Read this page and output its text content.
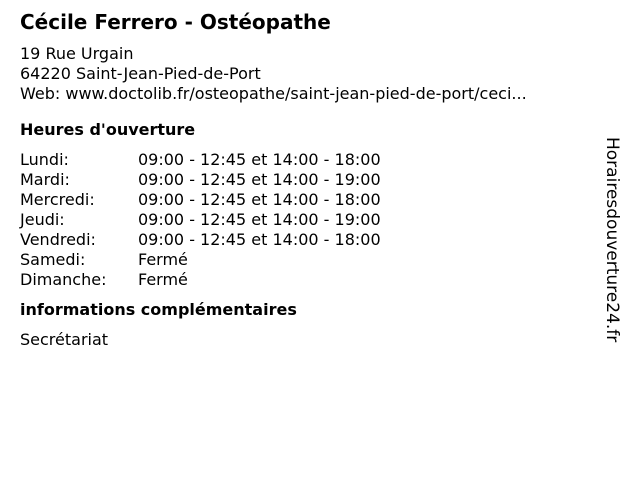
Cécile Ferrero - Ostéopathe
19 Rue Urgain
64220 Saint-Jean-Pied-de-Port
Web: www.doctolib.fr/osteopathe/saint-jean-pied-de-port/ceci...
Heures d'ouverture
Lundi:	09:00 - 12:45 et 14:00 - 18:00
Mardi:	09:00 - 12:45 et 14:00 - 19:00
Mercredi:	09:00 - 12:45 et 14:00 - 18:00
Jeudi:	09:00 - 12:45 et 14:00 - 19:00
Vendredi:	09:00 - 12:45 et 14:00 - 18:00
Samedi:	Fermé
Dimanche:	Fermé
informations complémentaires
Secrétariat	Horairesdouverture24.fr
